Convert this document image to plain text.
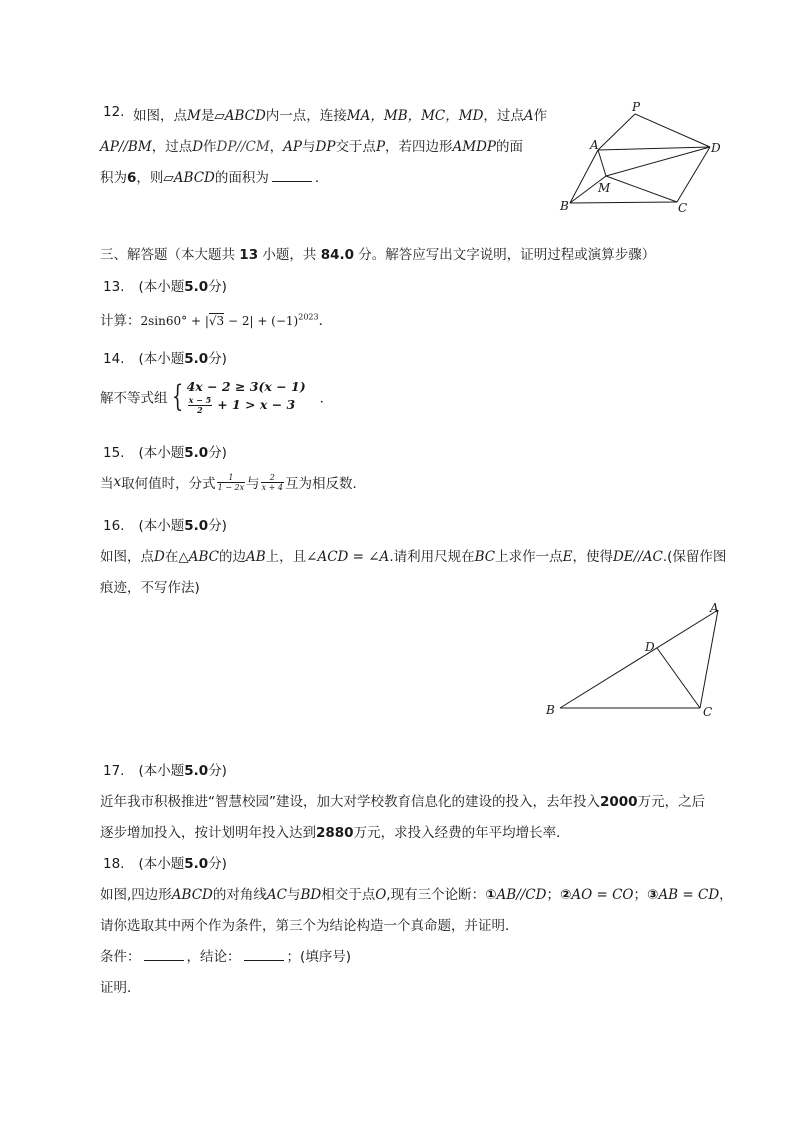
12. 如图，点M是▱ABCD内一点，连接MA，MB，MC，MD，过点A作
AP//BM，过点D作DP//CM，AP与DP交于点P，若四边形AMDP的面
积为6，则▱ABCD的面积为	．
P
A	D
M
B	C
三、解答题（本大题共 13 小题，共 84.0 分。解答应写出文字说明，证明过程或演算步骤）
13. (本小题5.0分)
计算：$2\sin 60^\circ + |√3 - 2| + (-1)^{2023}$．
14. (本小题5.0分)
解不等式组 { 4x − 2 ≥ 3(x − 1)
$\frac{x - 5}{2} + 1 > x - 3$	．
15. (本小题5.0分)
当x取何值时，分式 $\frac{1}{1 - 2x}$ 与 $\frac{2}{x + 4}$ 互为相反数．
16. (本小题5.0分)
如图，点D在△ABC的边AB上，且∠ACD = ∠A.请利用尺规在BC上求作一点E，使得DE//AC.(保留作图
痕迹，不写作法)
A
D
B	C
17. (本小题5.0分)
近年我市积极推进“智慧校园”建设，加大对学校教育信息化的建设的投入，去年投入2000万元，之后
逐步增加投入，按计划明年投入达到2880万元，求投入经费的年平均增长率．
18. (本小题5.0分)
如图,四边形ABCD的对角线AC与BD相交于点O,现有三个论断：①AB//CD；②AO = CO；③AB = CD，
请你选取其中两个作为条件，第三个为结论构造一个真命题，并证明．
条件：	，结论：	；(填序号)
证明．
